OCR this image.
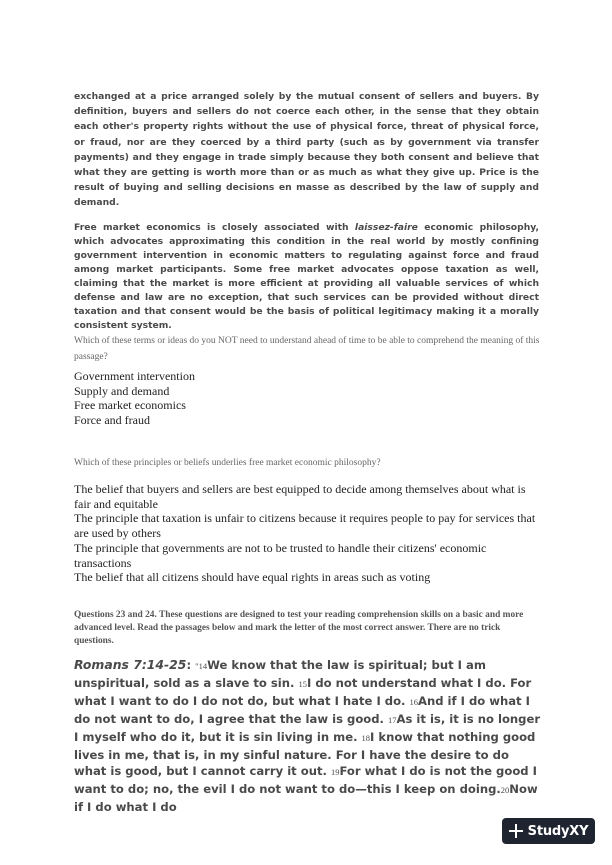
exchanged at a price arranged solely by the mutual consent of sellers and buyers. By definition, buyers and sellers do not coerce each other, in the sense that they obtain each other's property rights without the use of physical force, threat of physical force, or fraud, nor are they coerced by a third party (such as by government via transfer payments) and they engage in trade simply because they both consent and believe that what they are getting is worth more than or as much as what they give up. Price is the result of buying and selling decisions en masse as described by the law of supply and demand.

Free market economics is closely associated with laissez-faire economic philosophy, which advocates approximating this condition in the real world by mostly confining government intervention in economic matters to regulating against force and fraud among market participants. Some free market advocates oppose taxation as well, claiming that the market is more efficient at providing all valuable services of which defense and law are no exception, that such services can be provided without direct taxation and that consent would be the basis of political legitimacy making it a morally consistent system.

Which of these terms or ideas do you NOT need to understand ahead of time to be able to comprehend the meaning of this passage?

Government intervention
Supply and demand
Free market economics
Force and fraud

Which of these principles or beliefs underlies free market economic philosophy?

The belief that buyers and sellers are best equipped to decide among themselves about what is fair and equitable
The principle that taxation is unfair to citizens because it requires people to pay for services that are used by others
The principle that governments are not to be trusted to handle their citizens' economic transactions
The belief that all citizens should have equal rights in areas such as voting

Questions 23 and 24. These questions are designed to test your reading comprehension skills on a basic and more advanced level. Read the passages below and mark the letter of the most correct answer. There are no trick questions.

Romans 7:14-25: "14We know that the law is spiritual; but I am unspiritual, sold as a slave to sin. 15I do not understand what I do. For what I want to do I do not do, but what I hate I do. 16And if I do what I do not want to do, I agree that the law is good. 17As it is, it is no longer I myself who do it, but it is sin living in me. 18I know that nothing good lives in me, that is, in my sinful nature. For I have the desire to do what is good, but I cannot carry it out. 19For what I do is not the good I want to do; no, the evil I do not want to do—this I keep on doing.20Now if I do what I do

StudyXY
